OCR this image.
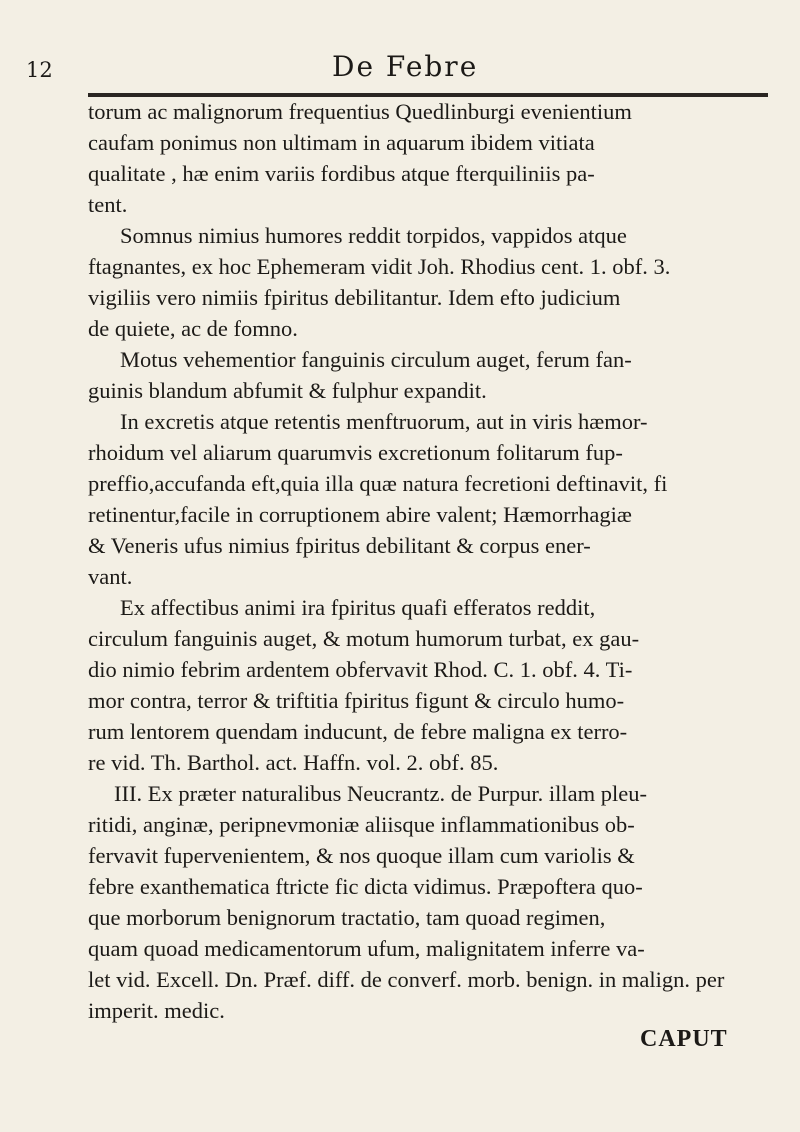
12	De Febre
torum ac malignorum frequentius Quedlinburgi evenientium
caufam ponimus non ultimam in aquarum ibidem vitiata
qualitate , hæ enim variis fordibus atque fterquiliniis pa-
tent.
Somnus nimius humores reddit torpidos, vappidos atque
ftagnantes, ex hoc Ephemeram vidit Joh. Rhodius cent. 1. obf. 3.
vigiliis vero nimiis fpiritus debilitantur. Idem efto judicium
de quiete, ac de fomno.
Motus vehementior fanguinis circulum auget, ferum fan-
guinis blandum abfumit & fulphur expandit.
In excretis atque retentis menftruorum, aut in viris hæmor-
rhoidum vel aliarum quarumvis excretionum folitarum fup-
preffio,accufanda eft,quia illa quæ natura fecretioni deftinavit, fi
retinentur,facile in corruptionem abire valent; Hæmorrhagiæ
& Veneris ufus nimius fpiritus debilitant & corpus ener-
vant.
Ex affectibus animi ira fpiritus quafi efferatos reddit,
circulum fanguinis auget, & motum humorum turbat, ex gau-
dio nimio febrim ardentem obfervavit Rhod. C. 1. obf. 4. Ti-
mor contra, terror & triftitia fpiritus figunt & circulo humo-
rum lentorem quendam inducunt, de febre maligna ex terro-
re vid. Th. Barthol. act. Haffn. vol. 2. obf. 85.
III. Ex præter naturalibus Neucrantz. de Purpur. illam pleu-
ritidi, anginæ, peripnevmoniæ aliisque inflammationibus ob-
fervavit fupervenientem, & nos quoque illam cum variolis &
febre exanthematica ftricte fic dicta vidimus. Præpoftera quo-
que morborum benignorum tractatio, tam quoad regimen,
quam quoad medicamentorum ufum, malignitatem inferre va-
let vid. Excell. Dn. Præf. diff. de converf. morb. benign. in malign. per
imperit. medic.
CAPUT
